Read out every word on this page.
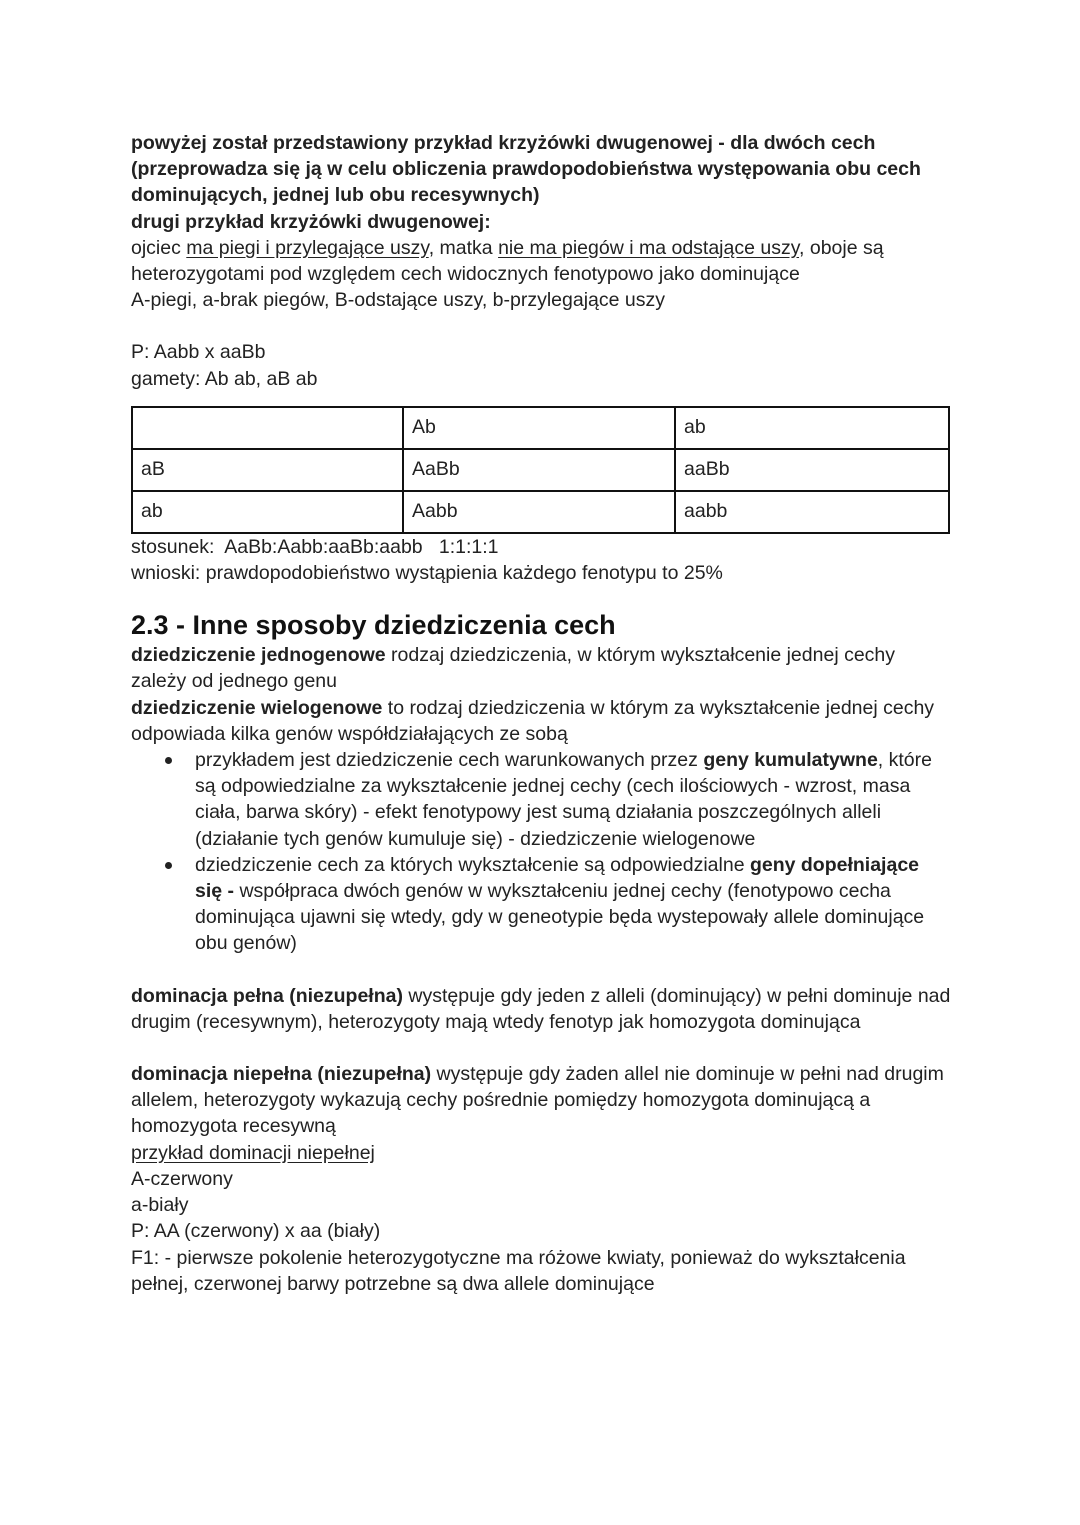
powyżej został przedstawiony przykład krzyżówki dwugenowej - dla dwóch cech (przeprowadza się ją w celu obliczenia prawdopodobieństwa występowania obu cech dominujących, jednej lub obu recesywnych)

drugi przykład krzyżówki dwugenowej:

ojciec ma piegi i przylegające uszy, matka nie ma piegów i ma odstające uszy, oboje są heterozygotami pod względem cech widocznych fenotypowo jako dominujące

A-piegi, a-brak piegów, B-odstające uszy, b-przylegające uszy

P: Aabb x aaBb

gamety: Ab ab, aB ab

	Ab	ab
aB	AaBb	aaBb
ab	Aabb	aabb

stosunek:  AaBb:Aabb:aaBb:aabb   1:1:1:1

wnioski: prawdopodobieństwo wystąpienia każdego fenotypu to 25%

2.3 - Inne sposoby dziedziczenia cech

dziedziczenie jednogenowe rodzaj dziedziczenia, w którym wykształcenie jednej cechy zależy od jednego genu

dziedziczenie wielogenowe to rodzaj dziedziczenia w którym za wykształcenie jednej cechy odpowiada kilka genów współdziałających ze sobą

przykładem jest dziedziczenie cech warunkowanych przez geny kumulatywne, które są odpowiedzialne za wykształcenie jednej cechy (cech ilościowych - wzrost, masa ciała, barwa skóry) - efekt fenotypowy jest sumą działania poszczególnych alleli (działanie tych genów kumuluje się) - dziedziczenie wielogenowe
dziedziczenie cech za których wykształcenie są odpowiedzialne geny dopełniające się - współpraca dwóch genów w wykształceniu jednej cechy (fenotypowo cecha dominująca ujawni się wtedy, gdy w geneotypie będa wystepowały allele dominujące obu genów)

dominacja pełna (niezupełna) występuje gdy jeden z alleli (dominujący) w pełni dominuje nad drugim (recesywnym), heterozygoty mają wtedy fenotyp jak homozygota dominująca

dominacja niepełna (niezupełna) występuje gdy żaden allel nie dominuje w pełni nad drugim allelem, heterozygoty wykazują cechy pośrednie pomiędzy homozygota dominującą a homozygota recesywną

przykład dominacji niepełnej

A-czerwony

a-biały

P: AA (czerwony) x aa (biały)

F1: - pierwsze pokolenie heterozygotyczne ma różowe kwiaty, ponieważ do wykształcenia pełnej, czerwonej barwy potrzebne są dwa allele dominujące
